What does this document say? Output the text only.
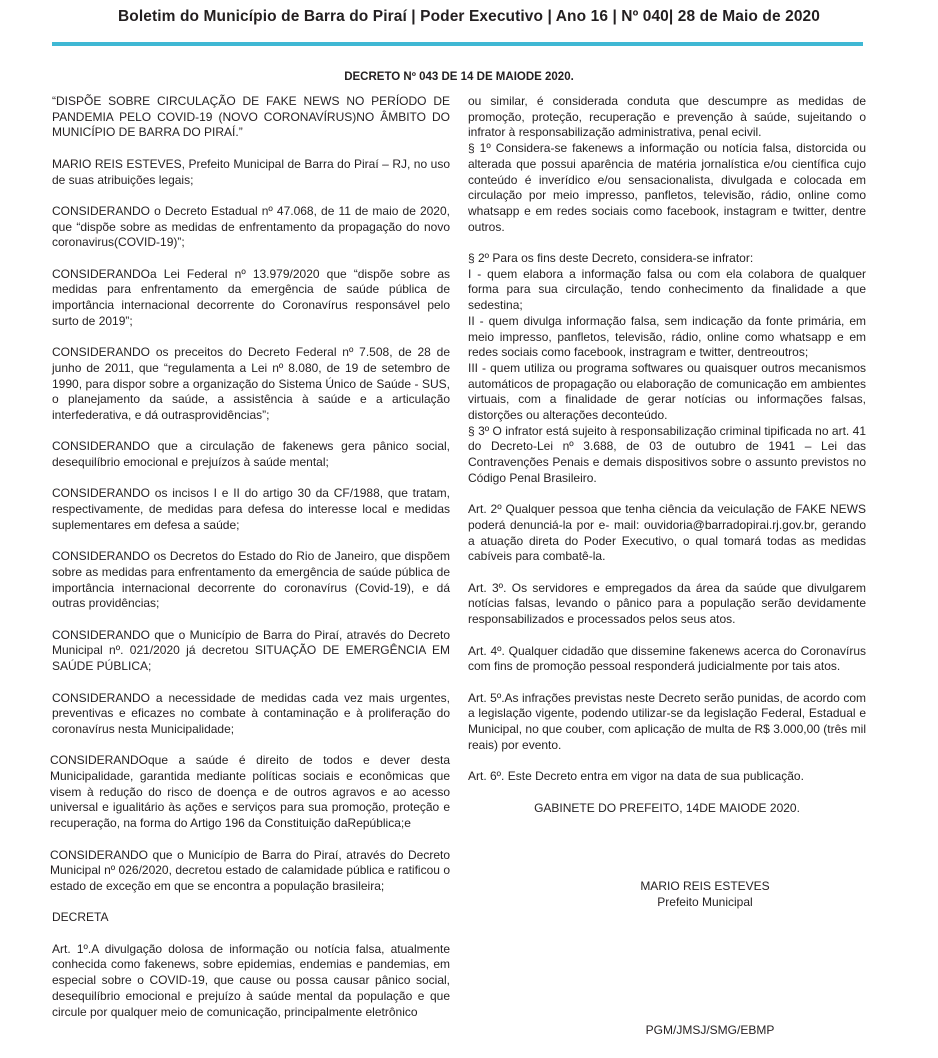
Boletim do Município de Barra do Piraí | Poder Executivo | Ano 16 | Nº 040| 28 de Maio de 2020
DECRETO Nº 043 DE 14 DE MAIODE 2020.

“DISPÕE SOBRE CIRCULAÇÃO DE FAKE NEWS NO PERÍODO DE PANDEMIA PELO COVID-19 (NOVO CORONAVÍRUS)NO ÂMBITO DO MUNICÍPIO DE BARRA DO PIRAÍ.”

MARIO REIS ESTEVES, Prefeito Municipal de Barra do Piraí – RJ, no uso de suas atribuições legais;

CONSIDERANDO o Decreto Estadual nº 47.068, de 11 de maio de 2020, que “dispõe sobre as medidas de enfrentamento da propagação do novo coronavirus(COVID-19)”;

CONSIDERANDOa Lei Federal nº 13.979/2020 que “dispõe sobre as medidas para enfrentamento da emergência de saúde pública de importância internacional decorrente do Coronavírus responsável pelo surto de 2019”;

CONSIDERANDO os preceitos do Decreto Federal nº 7.508, de 28 de junho de 2011, que “regulamenta a Lei nº 8.080, de 19 de setembro de 1990, para dispor sobre a organização do Sistema Único de Saúde - SUS, o planejamento da saúde, a assistência à saúde e a articulação interfederativa, e dá outrasprovidências”;

CONSIDERANDO que a circulação de fakenews gera pânico social, desequilíbrio emocional e prejuízos à saúde mental;

CONSIDERANDO os incisos I e II do artigo 30 da CF/1988, que tratam, respectivamente, de medidas para defesa do interesse local e medidas suplementares em defesa a saúde;

CONSIDERANDO os Decretos do Estado do Rio de Janeiro, que dispõem sobre as medidas para enfrentamento da emergência de saúde pública de importância internacional decorrente do coronavírus (Covid-19), e dá outras providências;

CONSIDERANDO que o Município de Barra do Piraí, através do Decreto Municipal nº. 021/2020 já decretou SITUAÇÃO DE EMERGÊNCIA EM SAÚDE PÚBLICA;

CONSIDERANDO a necessidade de medidas cada vez mais urgentes, preventivas e eficazes no combate à contaminação e à proliferação do coronavírus nesta Municipalidade;

CONSIDERANDOque a saúde é direito de todos e dever desta Municipalidade, garantida mediante políticas sociais e econômicas que visem à redução do risco de doença e de outros agravos e ao acesso universal e igualitário às ações e serviços para sua promoção, proteção e recuperação, na forma do Artigo 196 da Constituição daRepública;e

CONSIDERANDO que o Município de Barra do Piraí, através do Decreto Municipal nº 026/2020, decretou estado de calamidade pública e ratificou o estado de exceção em que se encontra a população brasileira;

DECRETA

Art. 1º.A divulgação dolosa de informação ou notícia falsa, atualmente conhecida como fakenews, sobre epidemias, endemias e pandemias, em especial sobre o COVID-19, que cause ou possa causar pânico social, desequilíbrio emocional e prejuízo à saúde mental da população e que circule por qualquer meio de comunicação, principalmente eletrônico

ou similar, é considerada conduta que descumpre as medidas de promoção, proteção, recuperação e prevenção à saúde, sujeitando o infrator à responsabilização administrativa, penal ecivil.

§ 1º Considera-se fakenews a informação ou notícia falsa, distorcida ou alterada que possui aparência de matéria jornalística e/ou científica cujo conteúdo é inverídico e/ou sensacionalista, divulgada e colocada em circulação por meio impresso, panfletos, televisão, rádio, online como whatsapp e em redes sociais como facebook, instagram e twitter, dentre outros.

§ 2º Para os fins deste Decreto, considera-se infrator:

I - quem elabora a informação falsa ou com ela colabora de qualquer forma para sua circulação, tendo conhecimento da finalidade a que sedestina;

II - quem divulga informação falsa, sem indicação da fonte primária, em meio impresso, panfletos, televisão, rádio, online como whatsapp e em redes sociais como facebook, instragram e twitter, dentreoutros;

III - quem utiliza ou programa softwares ou quaisquer outros mecanismos automáticos de propagação ou elaboração de comunicação em ambientes virtuais, com a finalidade de gerar notícias ou informações falsas, distorções ou alterações deconteúdo.

§ 3º O infrator está sujeito à responsabilização criminal tipificada no art. 41 do Decreto-Lei nº 3.688, de 03 de outubro de 1941 – Lei das Contravenções Penais e demais dispositivos sobre o assunto previstos no Código Penal Brasileiro.

Art. 2º Qualquer pessoa que tenha ciência da veiculação de FAKE NEWS poderá denunciá-la por e- mail: ouvidoria@barradopirai.rj.gov.br, gerando a atuação direta do Poder Executivo, o qual tomará todas as medidas cabíveis para combatê-la.

Art. 3º. Os servidores e empregados da área da saúde que divulgarem notícias falsas, levando o pânico para a população serão devidamente responsabilizados e processados pelos seus atos.

Art. 4º. Qualquer cidadão que dissemine fakenews acerca do Coronavírus com fins de promoção pessoal responderá judicialmente por tais atos.

Art. 5º.As infrações previstas neste Decreto serão punidas, de acordo com a legislação vigente, podendo utilizar-se da legislação Federal, Estadual e Municipal, no que couber, com aplicação de multa de R$ 3.000,00 (três mil reais) por evento.

Art. 6º. Este Decreto entra em vigor na data de sua publicação.

GABINETE DO PREFEITO, 14DE MAIODE 2020.

MARIO REIS ESTEVES
Prefeito Municipal
PGM/JMSJ/SMG/EBMP
